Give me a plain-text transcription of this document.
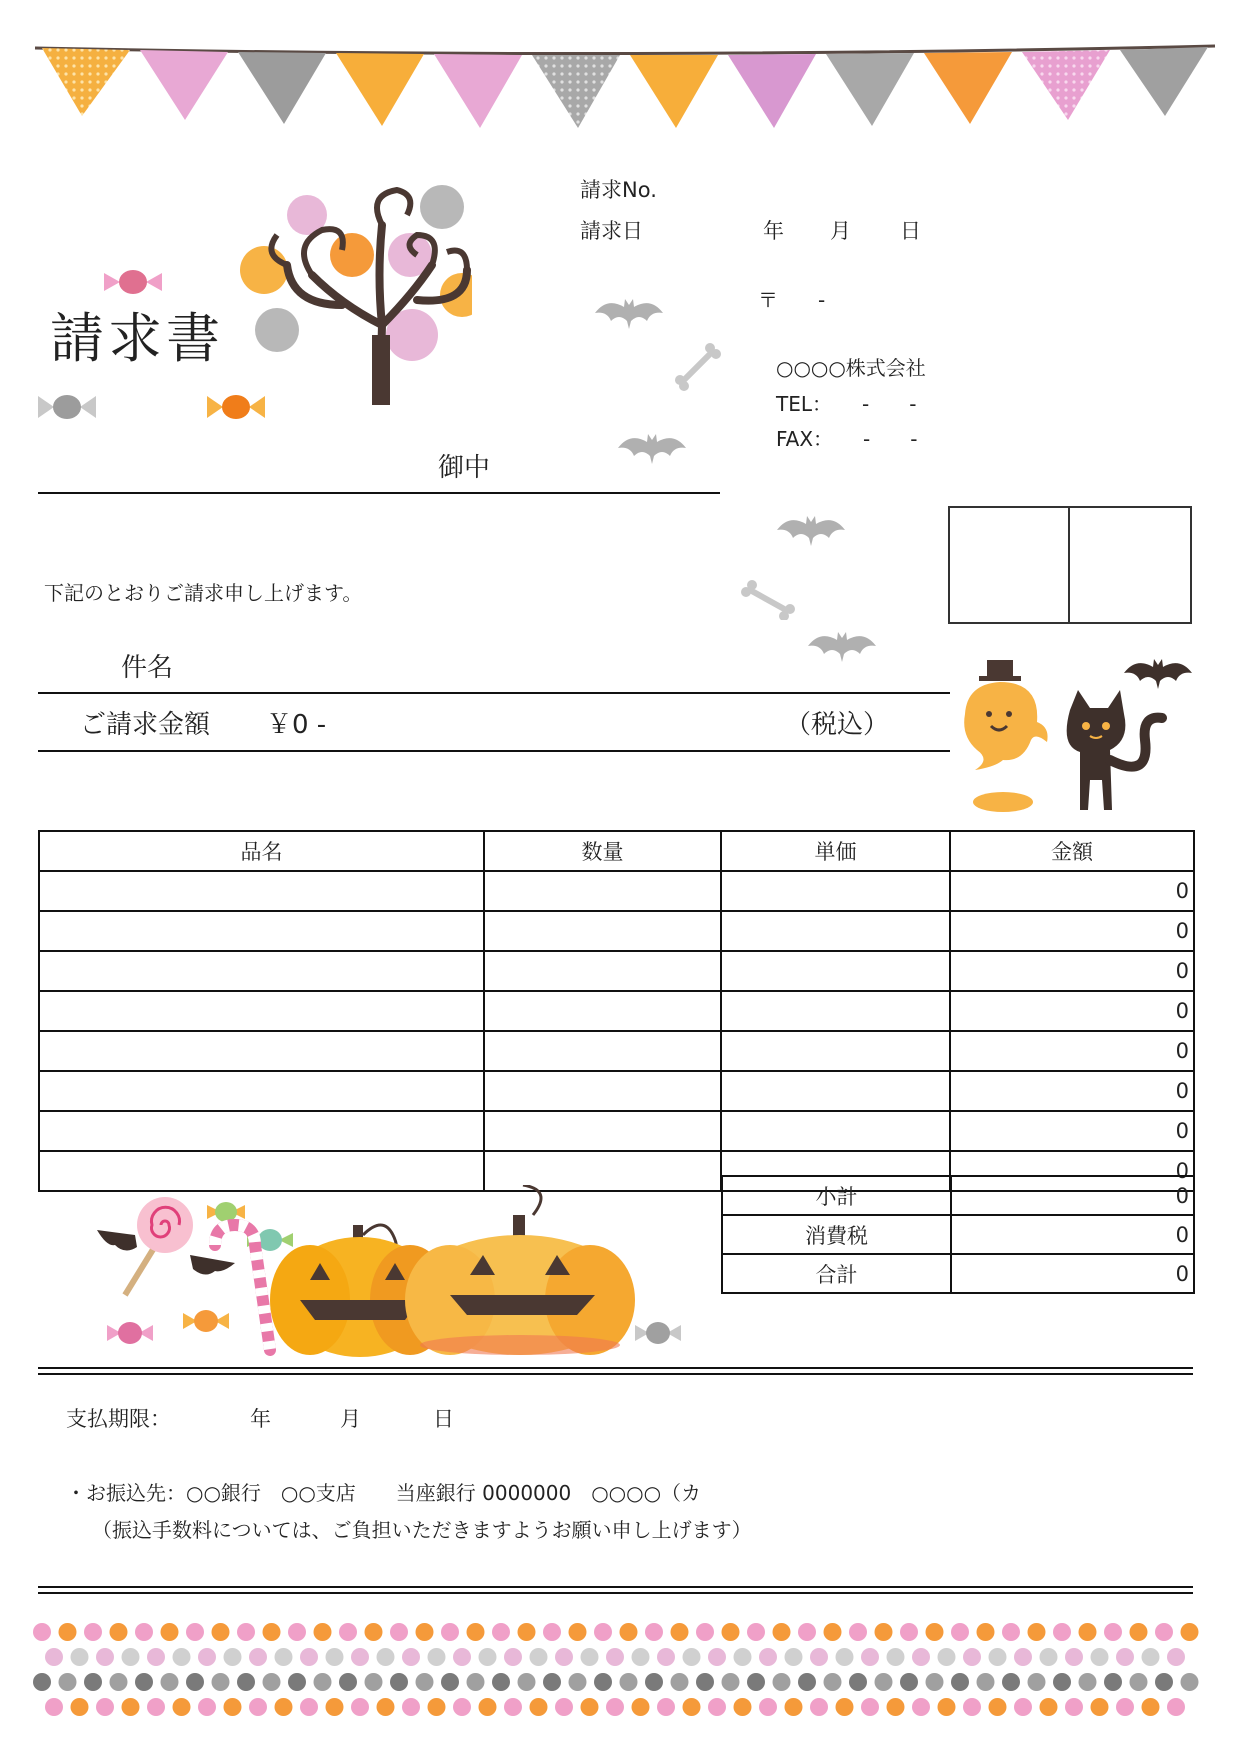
請求書
御中
請求No.
請求日	年 月 日
〒　　-
○○○○株式会社
TEL：　　-　　-
FAX：　　-　　-
下記のとおりご請求申し上げます。
件名
ご請求金額 ￥0 -	（税込）
品名	数量	単価	金額
			0
			0
			0
			0
			0
			0
			0
			0
小計	0
消費税	0
合計	0
支払期限：	年	月	日
・お振込先：○○銀行　○○支店　　当座銀行 0000000　○○○○（カ
（振込手数料については、ご負担いただきますようお願い申し上げます）
